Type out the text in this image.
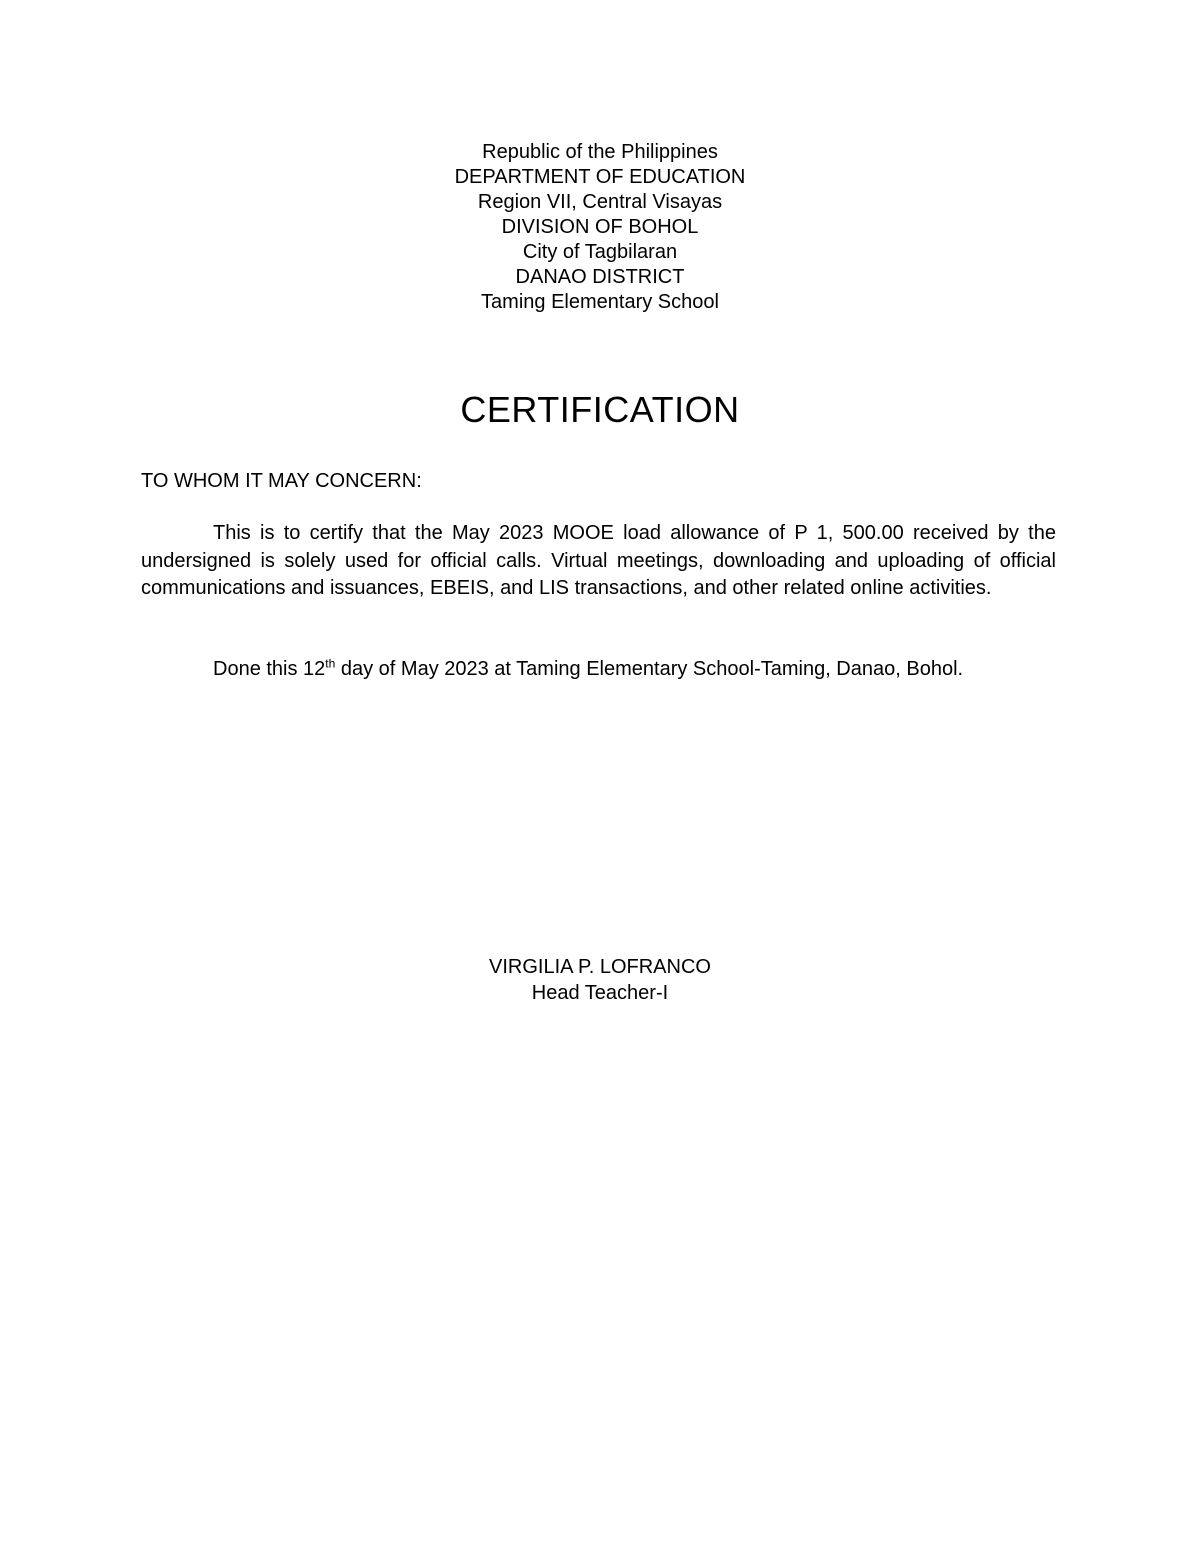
Republic of the Philippines
DEPARTMENT OF EDUCATION
Region VII, Central Visayas
DIVISION OF BOHOL
City of Tagbilaran
DANAO DISTRICT
Taming Elementary School
CERTIFICATION
TO WHOM IT MAY CONCERN:
This is to certify that the May 2023 MOOE load allowance of P 1, 500.00 received by the undersigned is solely used for official calls. Virtual meetings, downloading and uploading of official communications and issuances, EBEIS, and LIS transactions, and other related online activities.
Done this 12th day of May 2023 at Taming Elementary School-Taming, Danao, Bohol.
VIRGILIA P. LOFRANCO
Head Teacher-I
